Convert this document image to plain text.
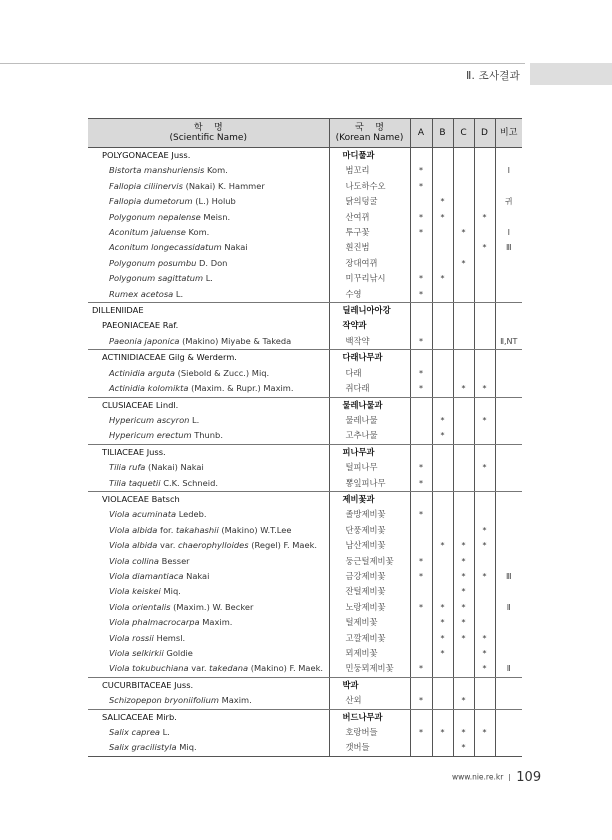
Ⅱ. 조사결과
학    명
(Scientific Name)

국    명
(Korean Name)
	A	B	C	D	비고
POLYGONACEAE Juss.	마디풀과					
Bistorta manshuriensis Kom.	범꼬리	*				Ⅰ
Fallopia ciliinervis (Nakai) K. Hammer	나도하수오	*				
Fallopia dumetorum (L.) Holub	닭의덩굴		*			귀
Polygonum nepalense Meisn.	산여뀌	*	*		*	
Aconitum jaluense Kom.	투구꽃	*		*		Ⅰ
Aconitum longecassidatum Nakai	흰진범				*	Ⅲ
Polygonum posumbu D. Don	장대여뀌			*		
Polygonum sagittatum L.	미꾸리낚시	*	*			
Rumex acetosa L.	수영	*				
DILLENIIDAE	딜레니아아강					
PAEONIACEAE Raf.	작약과					
Paeonia japonica (Makino) Miyabe & Takeda	백작약	*				Ⅱ,NT
ACTINIDIACEAE Gilg & Werderm.	다래나무과					
Actinidia arguta (Siebold & Zucc.) Miq.	다래	*				
Actinidia kolomikta (Maxim. & Rupr.) Maxim.	쥐다래	*		*	*	
CLUSIACEAE Lindl.	물레나물과					
Hypericum ascyron L.	물레나물		*		*	
Hypericum erectum Thunb.	고추나물		*			
TILIACEAE Juss.	피나무과					
Tilia rufa (Nakai) Nakai	털피나무	*			*	
Tilia taquetii C.K. Schneid.	뽕잎피나무	*				
VIOLACEAE Batsch	제비꽃과					
Viola acuminata Ledeb.	졸방제비꽃	*				
Viola albida for. takahashii (Makino) W.T.Lee	단풍제비꽃				*	
Viola albida var. chaerophylloides (Regel) F. Maek.	남산제비꽃		*	*	*	
Viola collina Besser	둥근털제비꽃	*		*		
Viola diamantiaca Nakai	금강제비꽃	*		*	*	Ⅲ
Viola keiskei Miq.	잔털제비꽃			*		
Viola orientalis (Maxim.) W. Becker	노랑제비꽃	*	*	*		Ⅱ
Viola phalmacrocarpa Maxim.	털제비꽃		*	*		
Viola rossii Hemsl.	고깔제비꽃		*	*	*	
Viola selkirkii Goldie	뫼제비꽃		*		*	
Viola tokubuchiana var. takedana (Makino) F. Maek.	민둥뫼제비꽃	*			*	Ⅱ
CUCURBITACEAE Juss.	박과					
Schizopepon bryoniifolium Maxim.	산외	*		*		
SALICACEAE Mirb.	버드나무과					
Salix caprea L.	호랑버들	*	*	*	*	
Salix gracilistyla Miq.	갯버들			*		
www.nie.re.kr 109
